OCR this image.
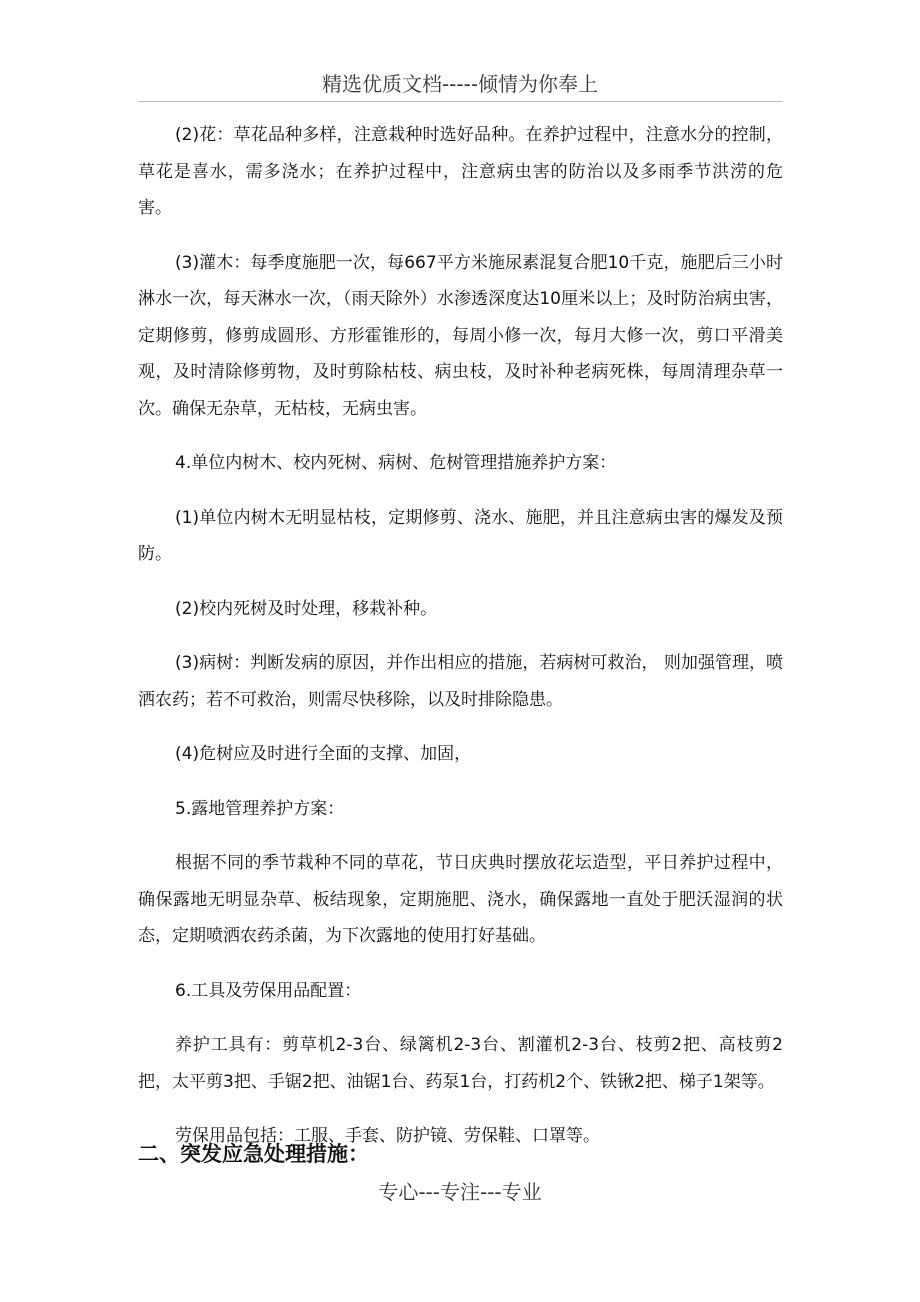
精选优质文档-----倾情为你奉上

(2)花：草花品种多样，注意栽种时选好品种。在养护过程中，注意水分的控制，草花是喜水，需多浇水；在养护过程中，注意病虫害的防治以及多雨季节洪涝的危害。

(3)灌木：每季度施肥一次，每667平方米施尿素混复合肥10千克，施肥后三小时淋水一次，每天淋水一次，（雨天除外）水渗透深度达10厘米以上；及时防治病虫害，定期修剪，修剪成圆形、方形霍锥形的，每周小修一次，每月大修一次，剪口平滑美观，及时清除修剪物，及时剪除枯枝、病虫枝，及时补种老病死株，每周清理杂草一次。确保无杂草，无枯枝，无病虫害。

4.单位内树木、校内死树、病树、危树管理措施养护方案：

(1)单位内树木无明显枯枝，定期修剪、浇水、施肥，并且注意病虫害的爆发及预防。

(2)校内死树及时处理，移栽补种。

(3)病树：判断发病的原因，并作出相应的措施，若病树可救治， 则加强管理，喷洒农药；若不可救治，则需尽快移除，以及时排除隐患。

(4)危树应及时进行全面的支撑、加固，

5.露地管理养护方案：

根据不同的季节栽种不同的草花，节日庆典时摆放花坛造型，平日养护过程中，确保露地无明显杂草、板结现象，定期施肥、浇水，确保露地一直处于肥沃湿润的状态，定期喷洒农药杀菌，为下次露地的使用打好基础。

6.工具及劳保用品配置：

养护工具有：剪草机2-3台、绿篱机2-3台、割灌机2-3台、枝剪2把、高枝剪2把，太平剪3把、手锯2把、油锯1台、药泵1台，打药机2个、铁锹2把、梯子1架等。

劳保用品包括：工服、手套、防护镜、劳保鞋、口罩等。

二、突发应急处理措施：
专心---专注---专业
